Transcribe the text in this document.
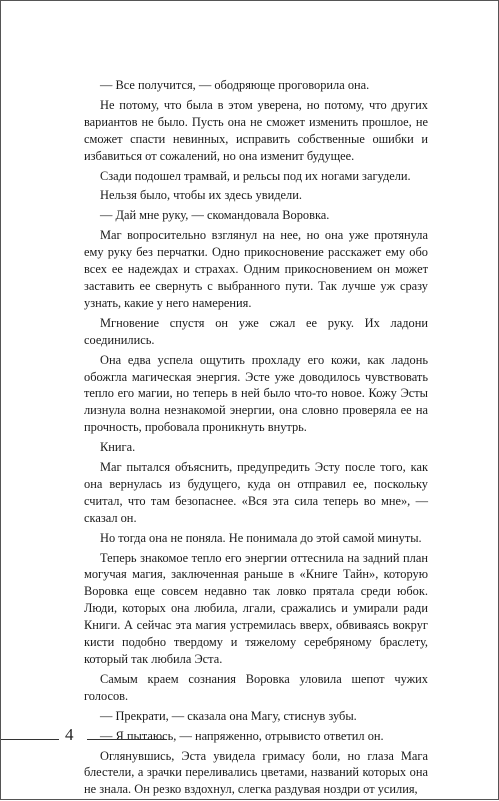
— Все получится, — ободряюще проговорила она.

Не потому, что была в этом уверена, но потому, что других вариантов не было. Пусть она не сможет изменить прошлое, не сможет спасти невинных, исправить собственные ошибки и избавиться от сожалений, но она изменит будущее.

Сзади подошел трамвай, и рельсы под их ногами загудели.

Нельзя было, чтобы их здесь увидели.

— Дай мне руку, — скомандовала Воровка.

Маг вопросительно взглянул на нее, но она уже протянула ему руку без перчатки. Одно прикосновение расскажет ему обо всех ее надеждах и страхах. Одним прикосновением он может заставить ее свернуть с выбранного пути. Так лучше уж сразу узнать, какие у него намерения.

Мгновение спустя он уже сжал ее руку. Их ладони соединились.

Она едва успела ощутить прохладу его кожи, как ладонь обожгла магическая энергия. Эсте уже доводилось чувствовать тепло его магии, но теперь в ней было что-то новое. Кожу Эсты лизнула волна незнакомой энергии, она словно проверяла ее на прочность, пробовала проникнуть внутрь.

Книга.

Маг пытался объяснить, предупредить Эсту после того, как она вернулась из будущего, куда он отправил ее, поскольку считал, что там безопаснее. «Вся эта сила теперь во мне», — сказал он.

Но тогда она не поняла. Не понимала до этой самой минуты.

Теперь знакомое тепло его энергии оттеснила на задний план могучая магия, заключенная раньше в «Книге Тайн», которую Воровка еще совсем недавно так ловко прятала среди юбок. Люди, которых она любила, лгали, сражались и умирали ради Книги. А сейчас эта магия устремилась вверх, обвиваясь вокруг кисти подобно твердому и тяжелому серебряному браслету, который так любила Эста.

Самым краем сознания Воровка уловила шепот чужих голосов.

— Прекрати, — сказала она Магу, стиснув зубы.

— Я пытаюсь, — напряженно, отрывисто ответил он.

Оглянувшись, Эста увидела гримасу боли, но глаза Мага блестели, а зрачки переливались цветами, названий которых она не знала. Он резко вздохнул, слегка раздувая ноздри от усилия,

4
